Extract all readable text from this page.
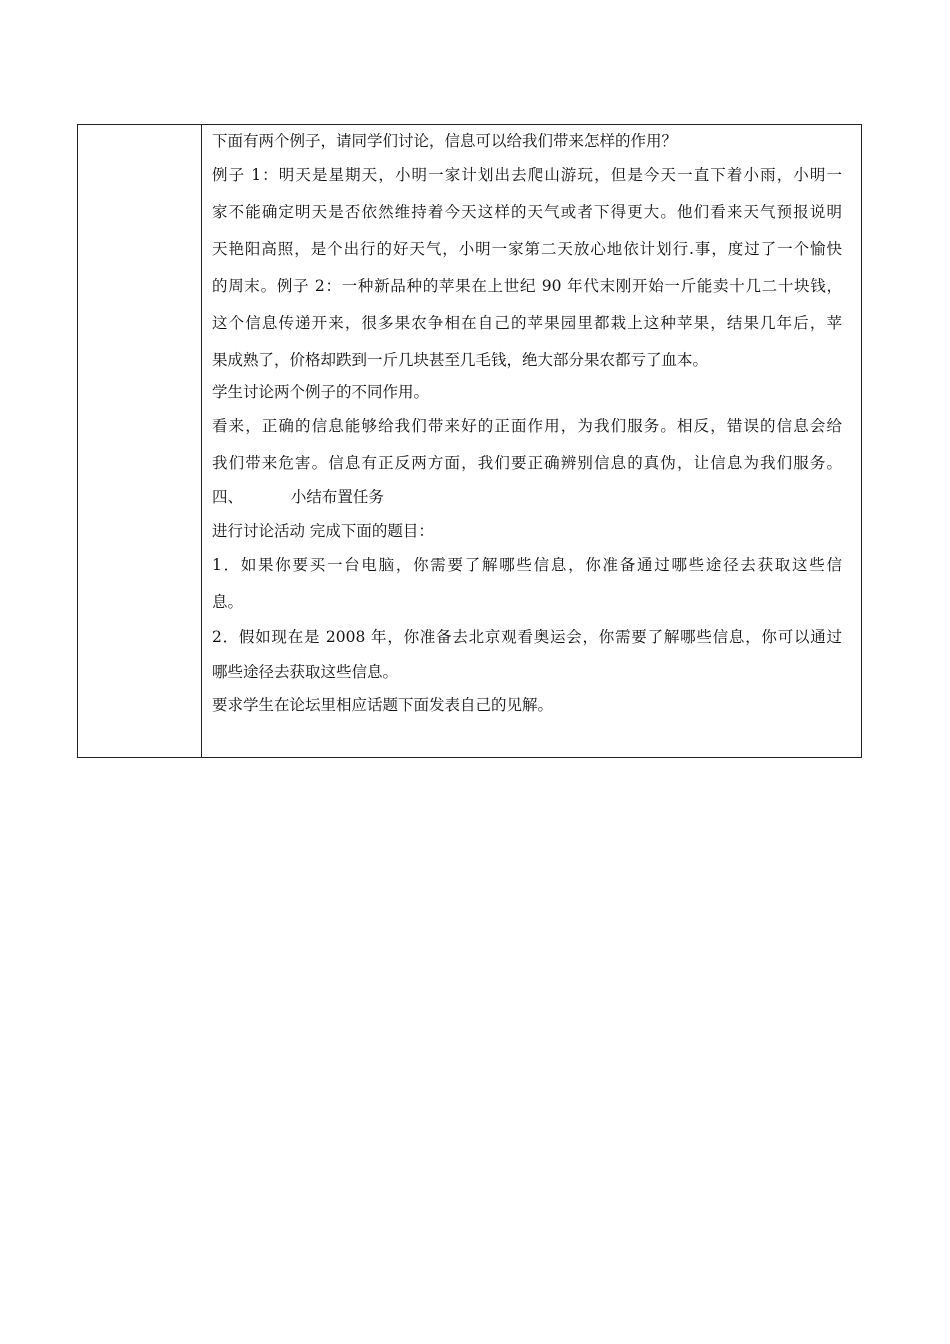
下面有两个例子，请同学们讨论，信息可以给我们带来怎样的作用？
例子 1：明天是星期天，小明一家计划出去爬山游玩，但是今天一直下着小雨，小明一
家不能确定明天是否依然维持着今天这样的天气或者下得更大。他们看来天气预报说明
天艳阳高照，是个出行的好天气，小明一家第二天放心地依计划行.事，度过了一个愉快
的周末。例子 2：一种新品种的苹果在上世纪 90 年代末刚开始一斤能卖十几二十块钱，
这个信息传递开来，很多果农争相在自己的苹果园里都栽上这种苹果，结果几年后，苹
果成熟了，价格却跌到一斤几块甚至几毛钱，绝大部分果农都亏了血本。
学生讨论两个例子的不同作用。
看来，正确的信息能够给我们带来好的正面作用，为我们服务。相反，错误的信息会给
我们带来危害。信息有正反两方面，我们要正确辨别信息的真伪，让信息为我们服务。
四、	小结布置任务
进行讨论活动 完成下面的题目：
1．如果你要买一台电脑，你需要了解哪些信息，你准备通过哪些途径去获取这些信
息。
2．假如现在是 2008 年，你准备去北京观看奥运会，你需要了解哪些信息，你可以通过
哪些途径去获取这些信息。
要求学生在论坛里相应话题下面发表自己的见解。
